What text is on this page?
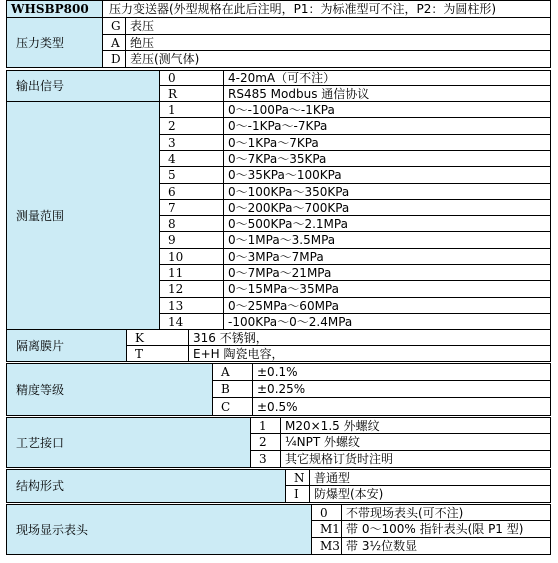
WHSBP800 压力变送器(外型规格在此后注明，P1：为标准型可不注，P2：为圆柱形)
压力类型
G 表压
A 绝压
D 差压(测气体)
输出信号
0	4-20mA（可不注）
R	RS485 Modbus 通信协议
测量范围
1	0～-100Pa～-1KPa
2	0～-1KPa～-7KPa
3	0～1KPa～7KPa
4	0～7KPa～35KPa
5	0～35KPa～100KPa
6	0～100KPa～350KPa
7	0～200KPa～700KPa
8	0～500KPa～2.1MPa
9	0～1MPa～3.5MPa
10	0～3MPa～7MPa
11	0～7MPa～21MPa
12	0～15MPa～35MPa
13	0～25MPa～60MPa
14	-100KPa～0～2.4MPa
隔离膜片
K	316 不锈钢，
T	E+H 陶瓷电容，
精度等级
A ±0.1%
B ±0.25%
C ±0.5%
工艺接口
1 M20×1.5 外螺纹
2 ¼NPT 外螺纹
3 其它规格订货时注明
结构形式
N 普通型
I 防爆型(本安)
现场显示表头
0 不带现场表头(可不注)
M1 带 0～100% 指针表头(限 P1 型)
M3 带 3½位数显
